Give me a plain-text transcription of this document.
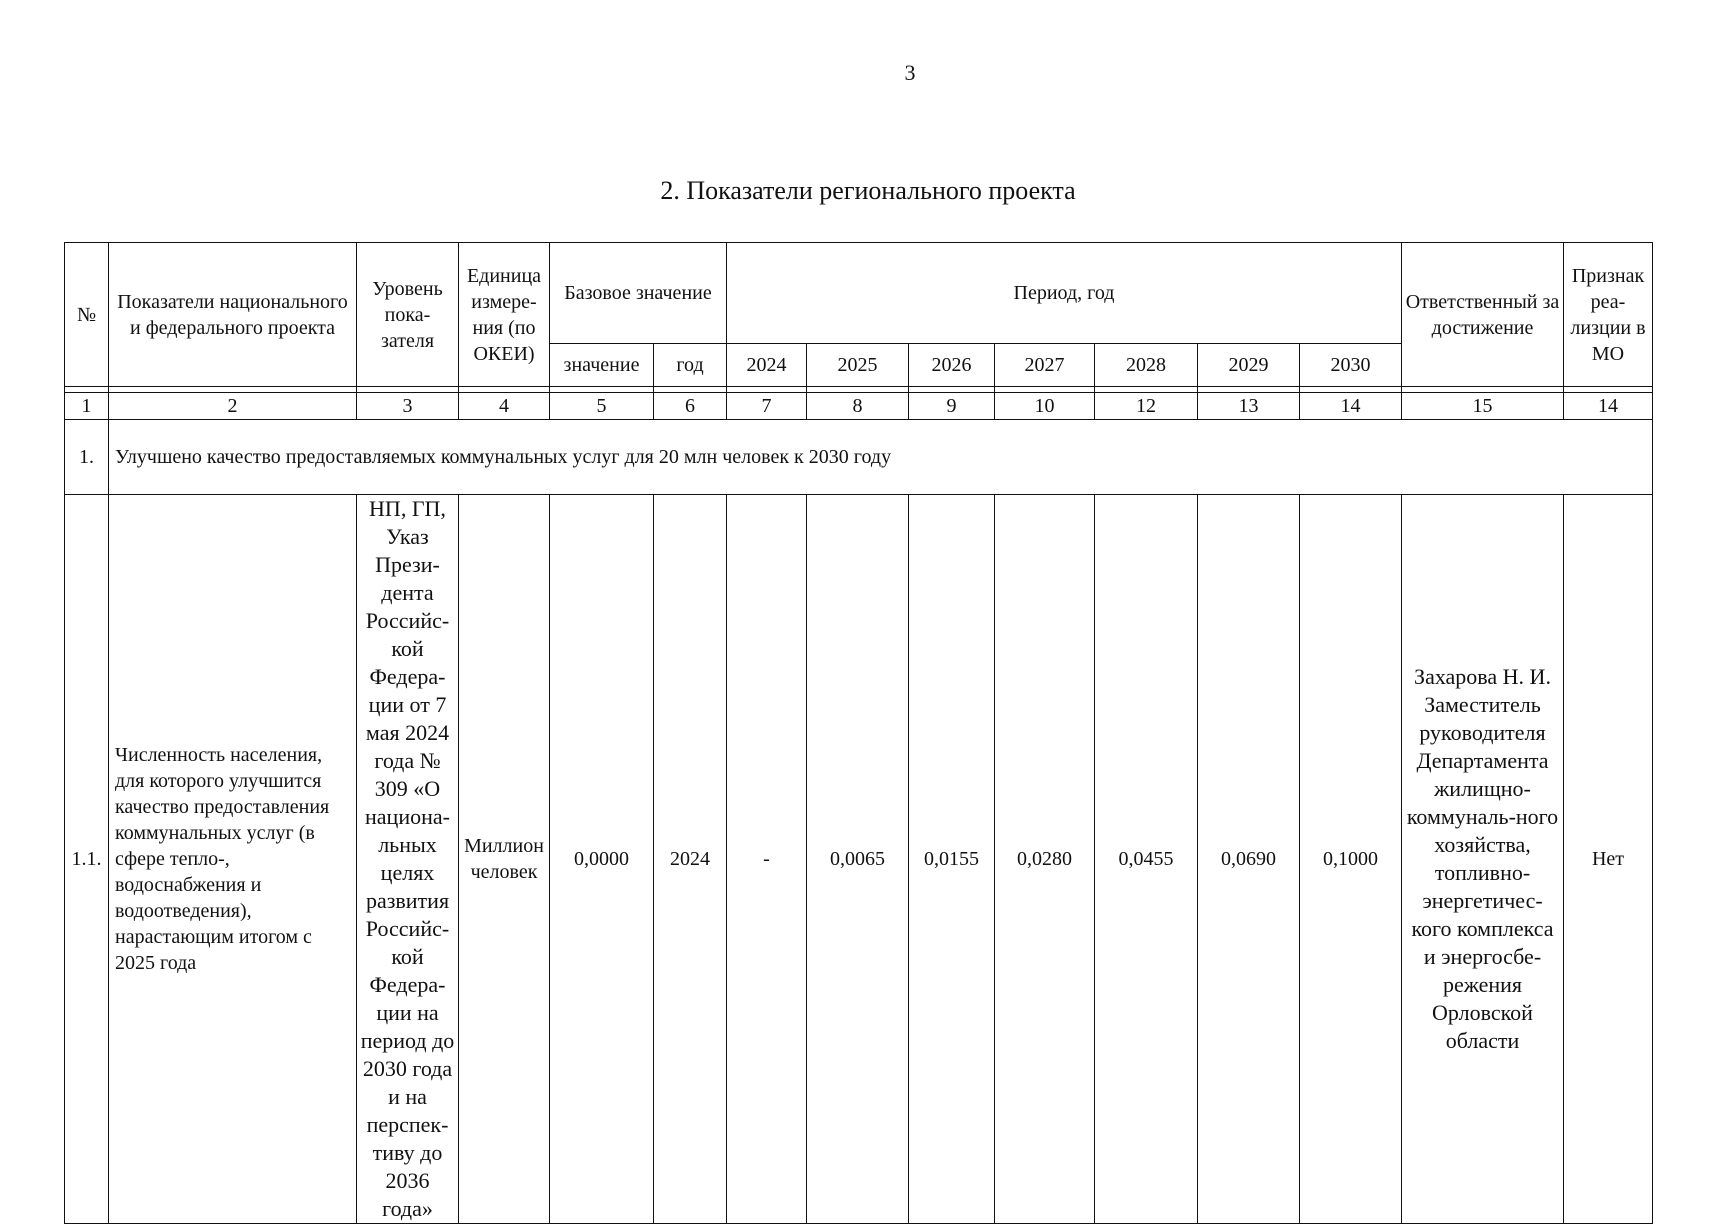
3
2. Показатели регионального проекта
№	Показатели национального и федерального проекта	Уровень пока-зателя	Единица измере-ния (по ОКЕИ)	Базовое значение		Период, год							Ответственный за достижение	Признак реа-лизции в МО
				значение	год	2024	2025	2026	2027	2028	2029	2030		

1	2	3	4	5	6	7	8	9	10	12	13	14	15	14
1.	Улучшено качество предоставляемых коммунальных услуг для 20 млн человек к 2030 году													
1.1.	Численность населения, для которого улучшится качество предоставления коммунальных услуг (в сфере тепло-, водоснабжения и водоотведения), нарастающим итогом с 2025 года	НП, ГП, Указ Прези-дента Российс-кой Федера-ции от 7 мая 2024 года № 309 «О национа-льных целях развития Российс-кой Федера-ции на период до 2030 года и на перспек-тиву до 2036 года»	Миллион человек	0,0000	2024	-	0,0065	0,0155	0,0280	0,0455	0,0690	0,1000	Захарова Н. И. Заместитель руководителя Департамента жилищно-коммуналь-ного хозяйства, топливно-энергетичес-кого комплекса и энергосбе-режения Орловской области	Нет
